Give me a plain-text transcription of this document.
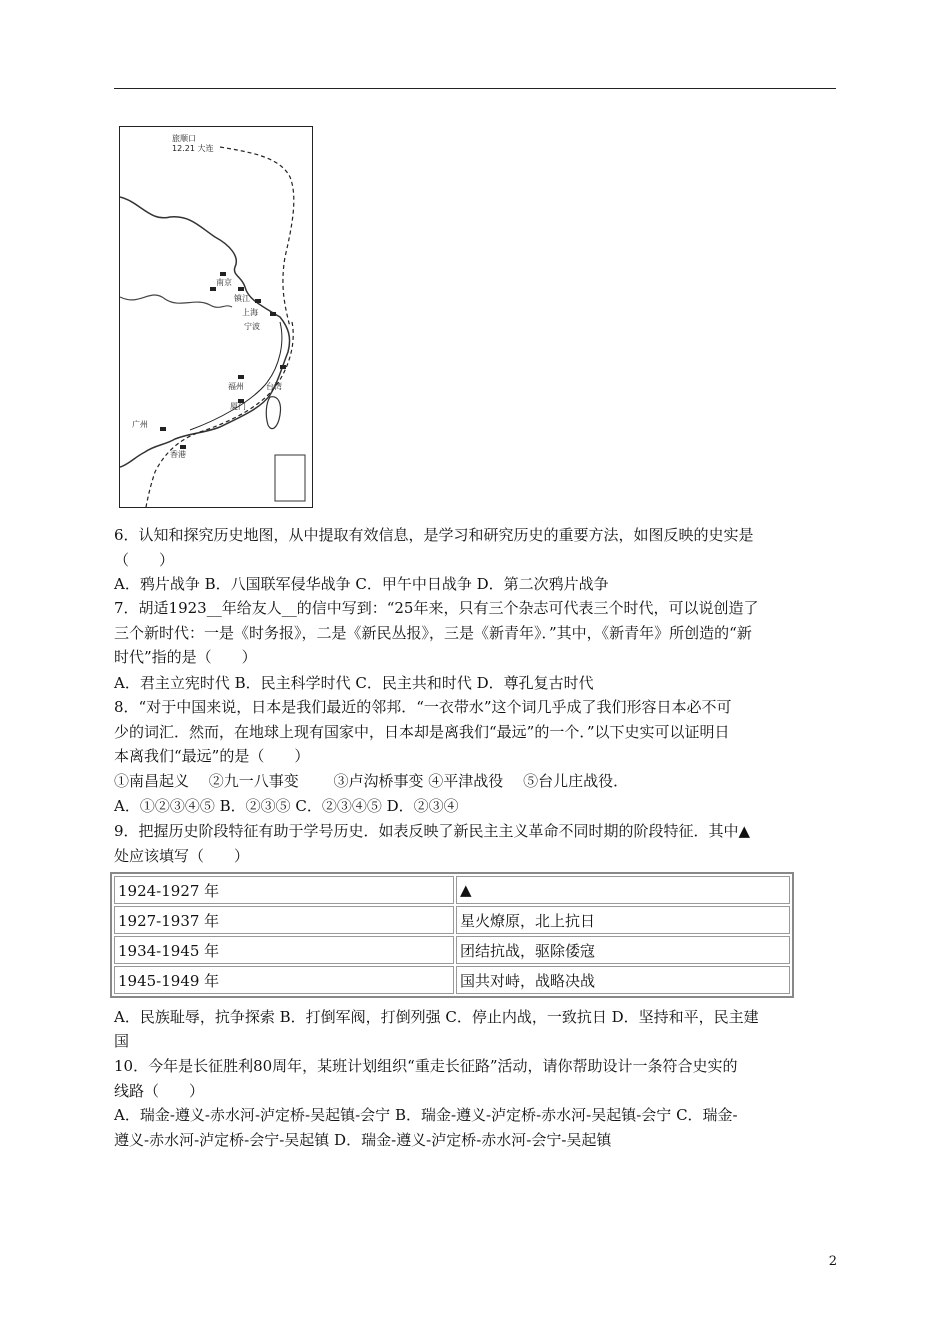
旅顺口
12.21 大连
南京
镇江
上海
宁波
福州
厦门
广州
台湾
香港
6．认知和探究历史地图，从中提取有效信息，是学习和研究历史的重要方法，如图反映的史实是
（　　）
A．鸦片战争 B．八国联军侵华战争 C．甲午中日战争 D．第二次鸦片战争
7．胡适1923__年给友人__的信中写到：“25年来，只有三个杂志可代表三个时代，可以说创造了
三个新时代：一是《时务报》，二是《新民丛报》，三是《新青年》．”其中，《新青年》所创造的“新
时代”指的是（　　）
A．君主立宪时代 B．民主科学时代 C．民主共和时代 D．尊孔复古时代
8．“对于中国来说，日本是我们最近的邻邦．“一衣带水”这个词几乎成了我们形容日本必不可
少的词汇．然而，在地球上现有国家中，日本却是离我们“最远”的一个．”以下史实可以证明日
本离我们“最远”的是（　　）
①南昌起义　 ②九一八事变　　 ③卢沟桥事变 ④平津战役　 ⑤台儿庄战役．
A．①②③④⑤ B．②③⑤ C．②③④⑤ D．②③④
9．把握历史阶段特征有助于学号历史．如表反映了新民主主义革命不同时期的阶段特征．其中▲
处应该填写（　　）
1924-1927 年	▲
1927-1937 年	星火燎原，北上抗日
1934-1945 年	团结抗战，驱除倭寇
1945-1949 年	国共对峙，战略决战
A．民族耻辱，抗争探索 B．打倒军阀，打倒列强 C．停止内战，一致抗日 D．坚持和平，民主建
国
10．今年是长征胜利80周年，某班计划组织“重走长征路”活动，请你帮助设计一条符合史实的
线路（　　）
A．瑞金-遵义-赤水河-泸定桥-吴起镇-会宁 B．瑞金-遵义-泸定桥-赤水河-吴起镇-会宁 C．瑞金-
遵义-赤水河-泸定桥-会宁-吴起镇 D．瑞金-遵义-泸定桥-赤水河-会宁-吴起镇
2
